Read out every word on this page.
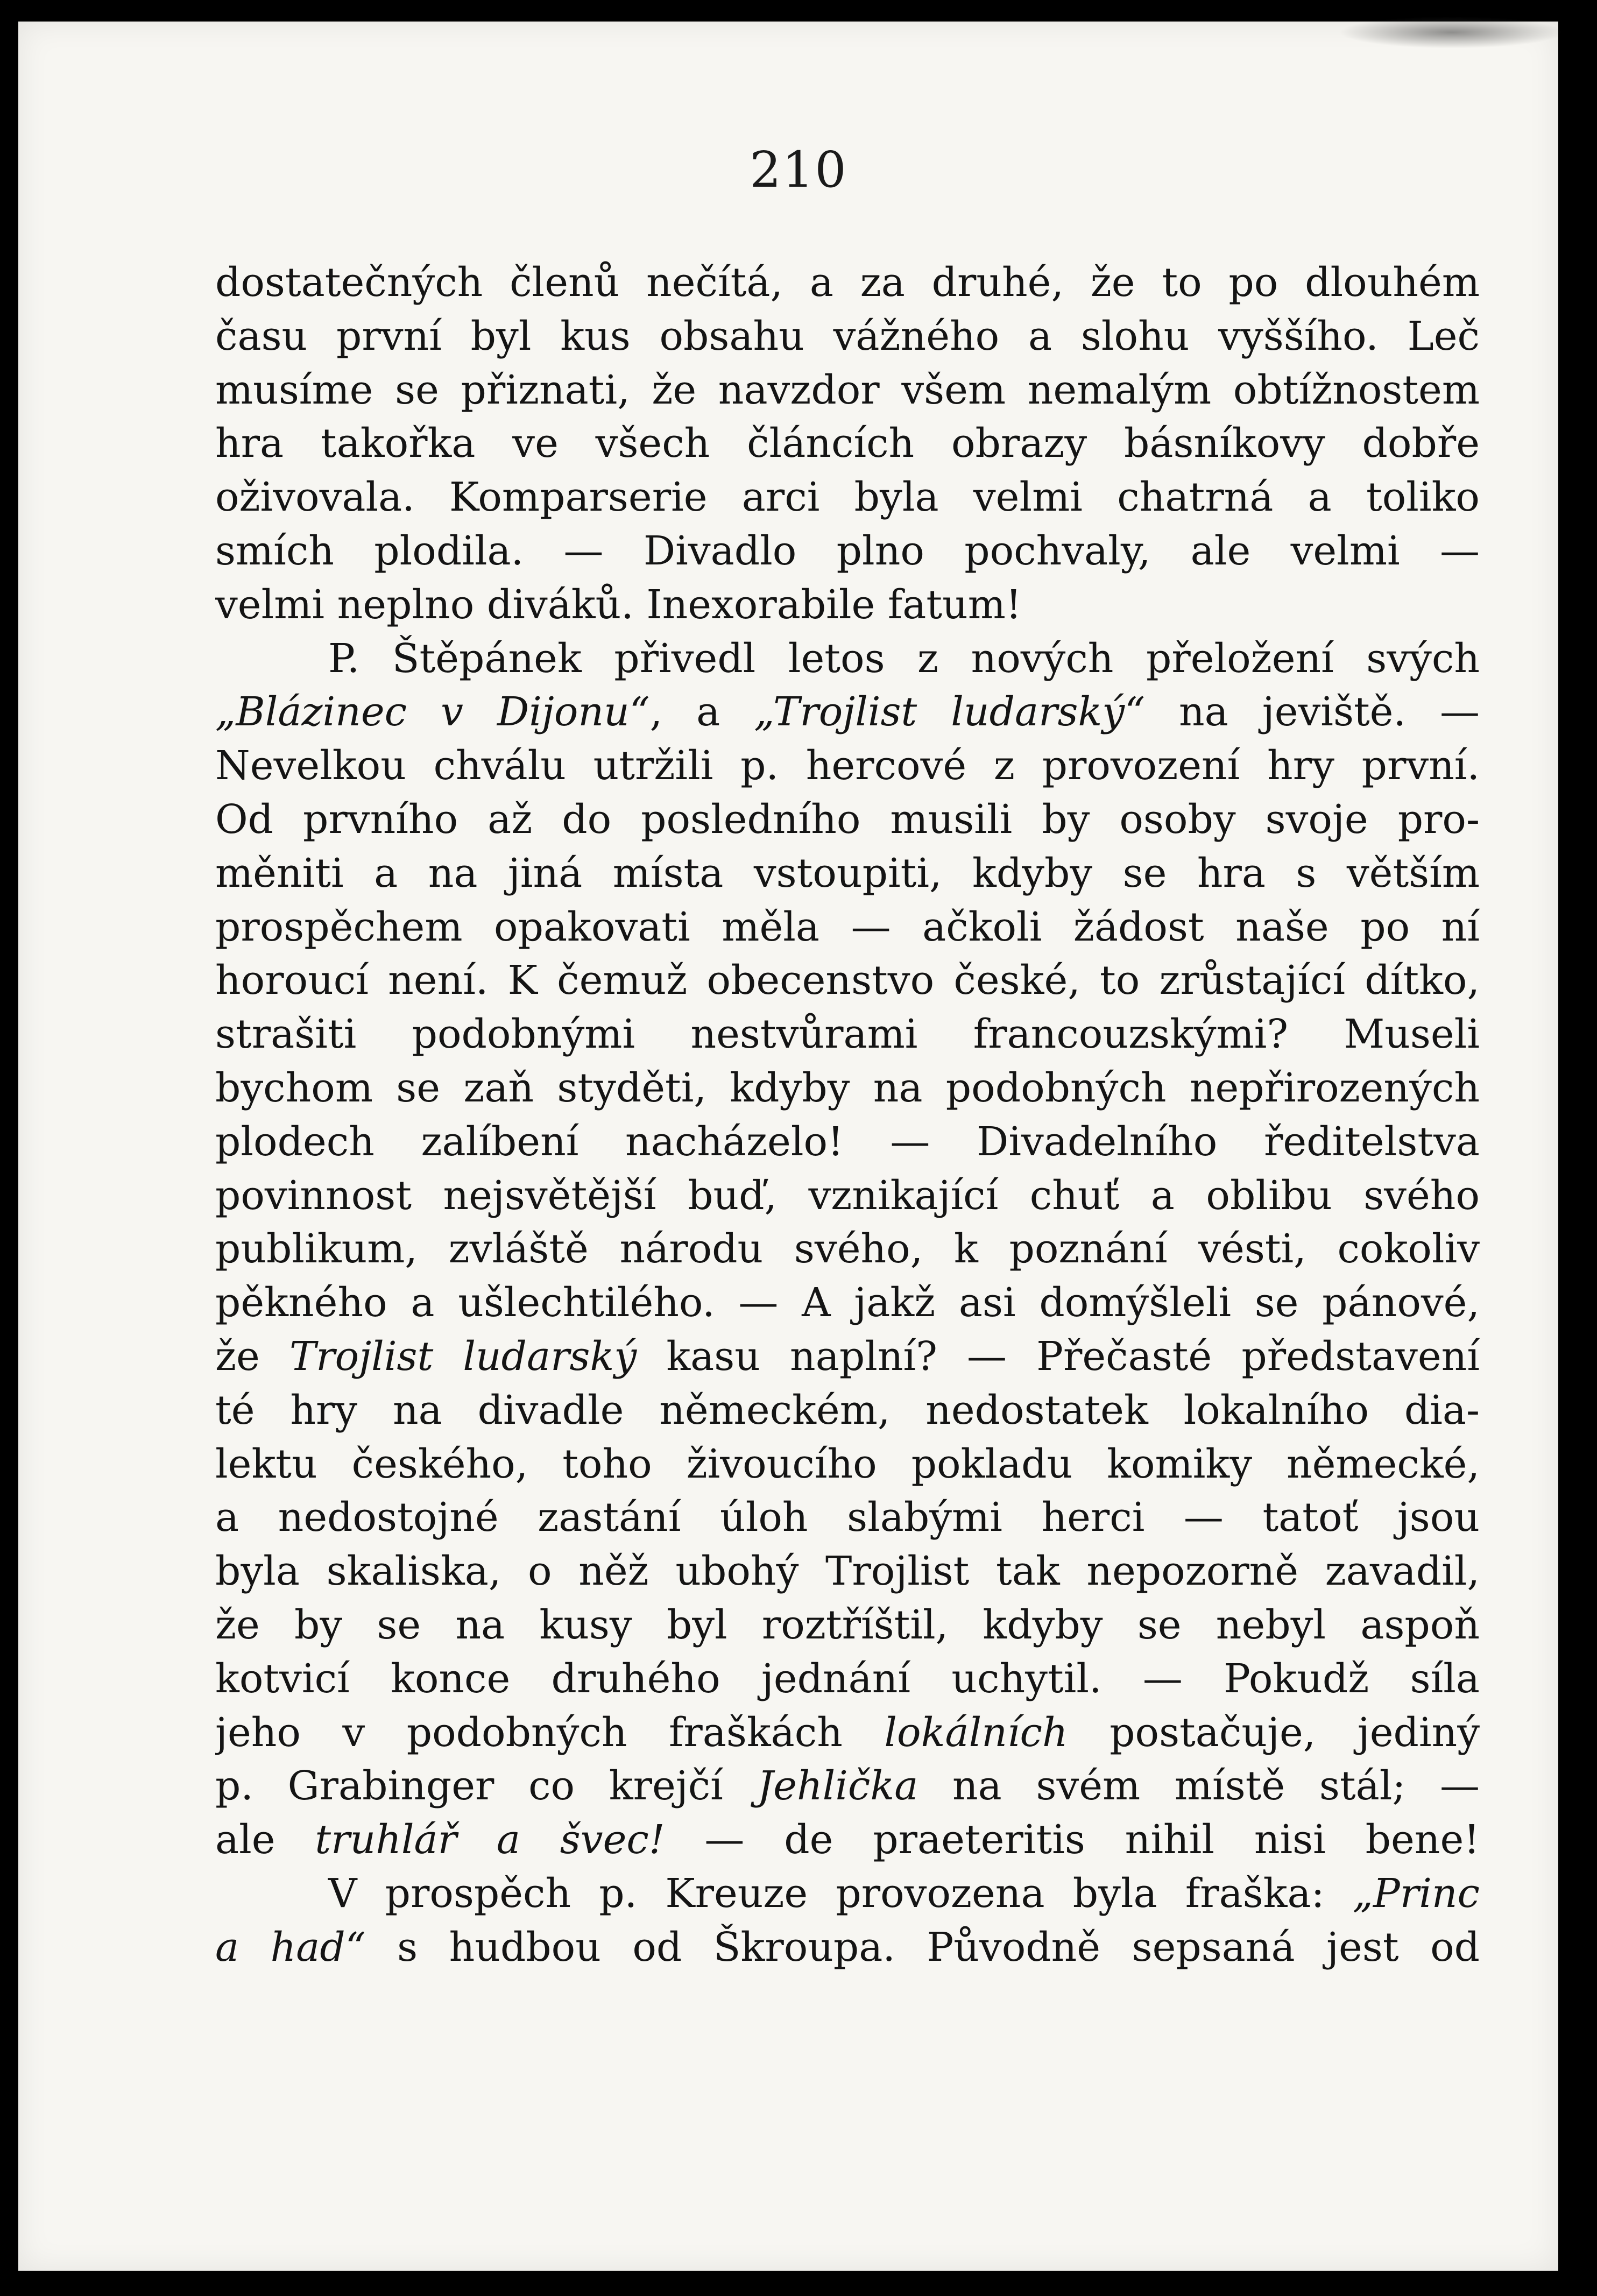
210
dostatečných členů nečítá, a za druhé, že to po dlouhém
času první byl kus obsahu vážného a slohu vyššího. Leč
musíme se přiznati, že navzdor všem nemalým obtížnostem
hra takořka ve všech článcích obrazy básníkovy dobře
oživovala. Komparserie arci byla velmi chatrná a toliko
smích plodila. — Divadlo plno pochvaly, ale velmi —
velmi neplno diváků. Inexorabile fatum!
P. Štěpánek přivedl letos z nových přeložení svých
„Blázinec v Dijonu“, a „Trojlist ludarský“ na jeviště. —
Nevelkou chválu utržili p. hercové z provození hry první.
Od prvního až do posledního musili by osoby svoje pro-
měniti a na jiná místa vstoupiti, kdyby se hra s větším
prospěchem opakovati měla — ačkoli žádost naše po ní
horoucí není. K čemuž obecenstvo české, to zrůstající dítko,
strašiti podobnými nestvůrami francouzskými? Museli
bychom se zaň styděti, kdyby na podobných nepřirozených
plodech zalíbení nacházelo! — Divadelního ředitelstva
povinnost nejsvětější buď, vznikající chuť a oblibu svého
publikum, zvláště národu svého, k poznání vésti, cokoliv
pěkného a ušlechtilého. — A jakž asi domýšleli se pánové,
že Trojlist ludarský kasu naplní? — Přečasté představení
té hry na divadle německém, nedostatek lokalního dia-
lektu českého, toho živoucího pokladu komiky německé,
a nedostojné zastání úloh slabými herci — tatoť jsou
byla skaliska, o něž ubohý Trojlist tak nepozorně zavadil,
že by se na kusy byl roztříštil, kdyby se nebyl aspoň
kotvicí konce druhého jednání uchytil. — Pokudž síla
jeho v podobných fraškách lokálních postačuje, jediný
p. Grabinger co krejčí Jehlička na svém místě stál; —
ale truhlář a švec! — de praeteritis nihil nisi bene!
V prospěch p. Kreuze provozena byla fraška: „Princ
a had“ s hudbou od Škroupa. Původně sepsaná jest od
